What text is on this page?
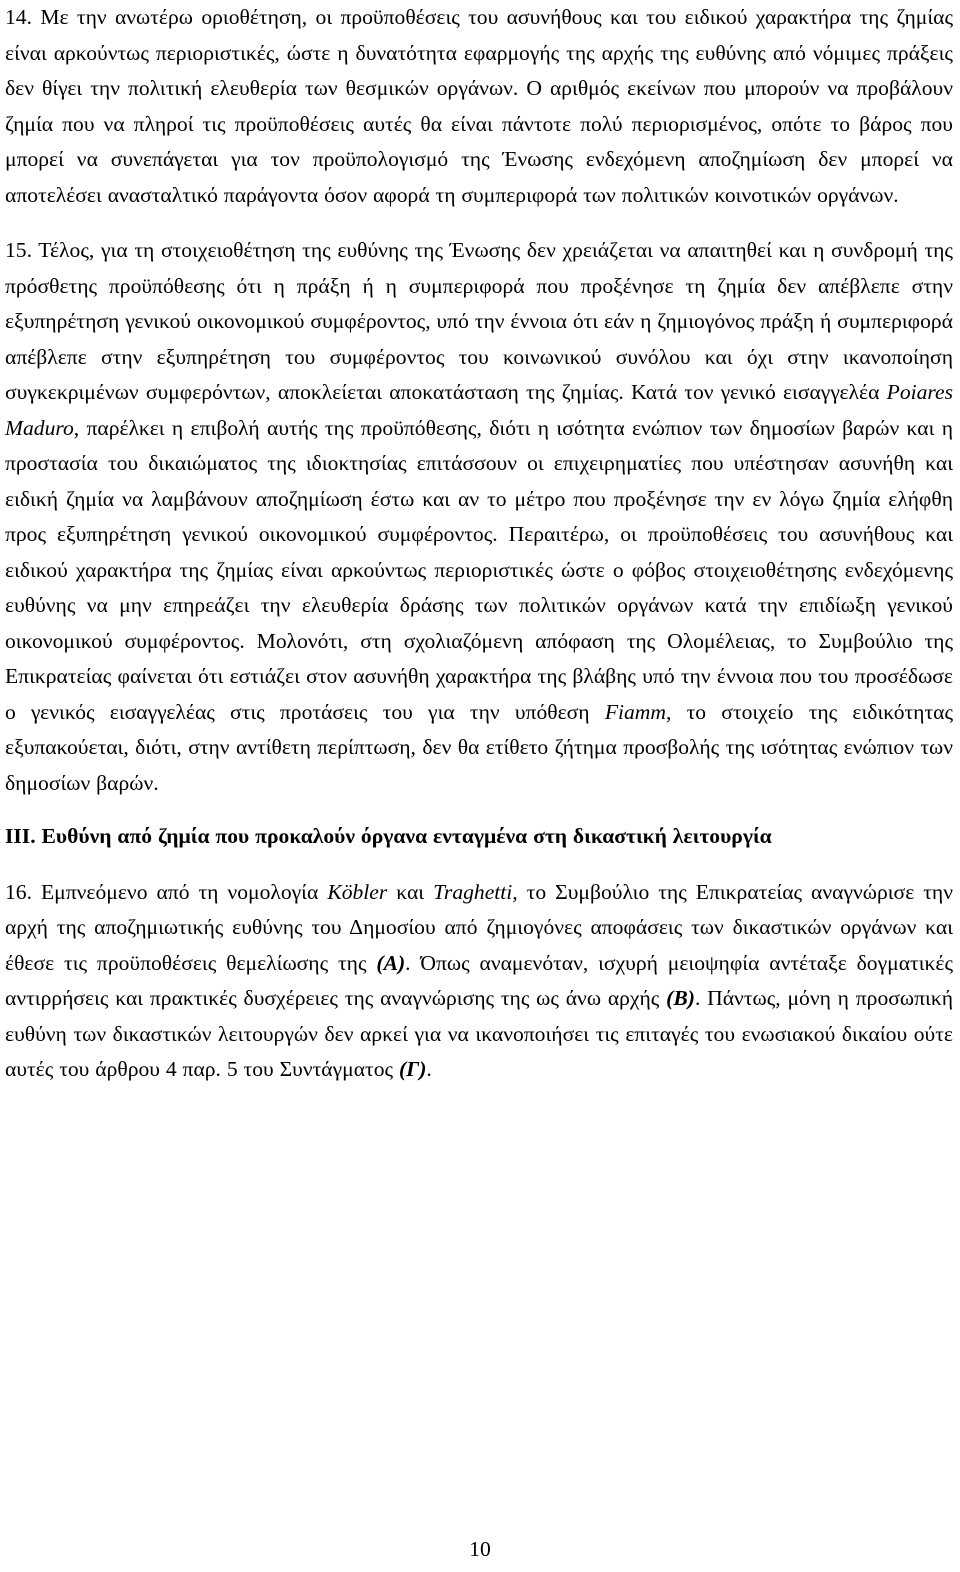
14. Με την ανωτέρω οριοθέτηση, οι προϋποθέσεις του ασυνήθους και του ειδικού χαρακτήρα της ζημίας είναι αρκούντως περιοριστικές, ώστε η δυνατότητα εφαρμογής της αρχής της ευθύνης από νόμιμες πράξεις δεν θίγει την πολιτική ελευθερία των θεσμικών οργάνων. Ο αριθμός εκείνων που μπορούν να προβάλουν ζημία που να πληροί τις προϋποθέσεις αυτές θα είναι πάντοτε πολύ περιορισμένος, οπότε το βάρος που μπορεί να συνεπάγεται για τον προϋπολογισμό της Ένωσης ενδεχόμενη αποζημίωση δεν μπορεί να αποτελέσει ανασταλτικό παράγοντα όσον αφορά τη συμπεριφορά των πολιτικών κοινοτικών οργάνων.

15. Τέλος, για τη στοιχειοθέτηση της ευθύνης της Ένωσης δεν χρειάζεται να απαιτηθεί και η συνδρομή της πρόσθετης προϋπόθεσης ότι η πράξη ή η συμπεριφορά που προξένησε τη ζημία δεν απέβλεπε στην εξυπηρέτηση γενικού οικονομικού συμφέροντος, υπό την έννοια ότι εάν η ζημιογόνος πράξη ή συμπεριφορά απέβλεπε στην εξυπηρέτηση του συμφέροντος του κοινωνικού συνόλου και όχι στην ικανοποίηση συγκεκριμένων συμφερόντων, αποκλείεται αποκατάσταση της ζημίας. Κατά τον γενικό εισαγγελέα Poiares Maduro, παρέλκει η επιβολή αυτής της προϋπόθεσης, διότι η ισότητα ενώπιον των δημοσίων βαρών και η προστασία του δικαιώματος της ιδιοκτησίας επιτάσσουν οι επιχειρηματίες που υπέστησαν ασυνήθη και ειδική ζημία να λαμβάνουν αποζημίωση έστω και αν το μέτρο που προξένησε την εν λόγω ζημία ελήφθη προς εξυπηρέτηση γενικού οικονομικού συμφέροντος. Περαιτέρω, οι προϋποθέσεις του ασυνήθους και ειδικού χαρακτήρα της ζημίας είναι αρκούντως περιοριστικές ώστε ο φόβος στοιχειοθέτησης ενδεχόμενης ευθύνης να μην επηρεάζει την ελευθερία δράσης των πολιτικών οργάνων κατά την επιδίωξη γενικού οικονομικού συμφέροντος. Μολονότι, στη σχολιαζόμενη απόφαση της Ολομέλειας, το Συμβούλιο της Επικρατείας φαίνεται ότι εστιάζει στον ασυνήθη χαρακτήρα της βλάβης υπό την έννοια που του προσέδωσε ο γενικός εισαγγελέας στις προτάσεις του για την υπόθεση Fiamm, το στοιχείο της ειδικότητας εξυπακούεται, διότι, στην αντίθετη περίπτωση, δεν θα ετίθετο ζήτημα προσβολής της ισότητας ενώπιον των δημοσίων βαρών.

ΙΙΙ. Ευθύνη από ζημία που προκαλούν όργανα ενταγμένα στη δικαστική λειτουργία

16. Εμπνεόμενο από τη νομολογία Köbler και Traghetti, το Συμβούλιο της Επικρατείας αναγνώρισε την αρχή της αποζημιωτικής ευθύνης του Δημοσίου από ζημιογόνες αποφάσεις των δικαστικών οργάνων και έθεσε τις προϋποθέσεις θεμελίωσης της (Α). Όπως αναμενόταν, ισχυρή μειοψηφία αντέταξε δογματικές αντιρρήσεις και πρακτικές δυσχέρειες της αναγνώρισης της ως άνω αρχής (Β). Πάντως, μόνη η προσωπική ευθύνη των δικαστικών λειτουργών δεν αρκεί για να ικανοποιήσει τις επιταγές του ενωσιακού δικαίου ούτε αυτές του άρθρου 4 παρ. 5 του Συντάγματος (Γ).

10
